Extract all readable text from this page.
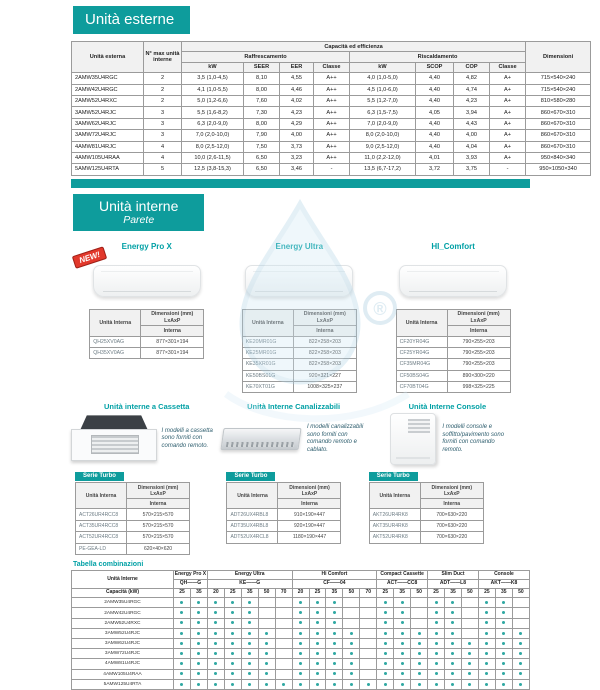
Unità esterne
Unità esterna	N° max unità interne	Capacità ed efficienza								Dimensioni
		Raffrescamento				Riscaldamento				
		kW	SEER	EER	Classe	kW	SCOP	COP	Classe	
2AMW35U4RGC	2	3,5 (1,0-4,5)	8,10	4,55	A++	4,0 (1,0-5,0)	4,40	4,82	A+	715×540×240
2AMW42U4RGC	2	4,1 (1,0-5,5)	8,00	4,46	A++	4,5 (1,0-6,0)	4,40	4,74	A+	715×540×240
2AMW52U4RXC	2	5,0 (1,2-6,6)	7,60	4,02	A++	5,5 (1,2-7,0)	4,40	4,23	A+	810×580×280
3AMW52U4RJC	3	5,5 (1,6-8,2)	7,30	4,23	A++	6,3 (1,5-7,5)	4,05	3,94	A+	860×670×310
3AMW62U4RJC	3	6,3 (2,0-9,0)	8,00	4,29	A++	7,0 (2,0-9,0)	4,40	4,43	A+	860×670×310
3AMW72U4RJC	3	7,0 (2,0-10,0)	7,90	4,00	A++	8,0 (2,0-10,0)	4,40	4,00	A+	860×670×310
4AMW81U4RJC	4	8,0 (2,5-12,0)	7,50	3,73	A++	9,0 (2,5-12,0)	4,40	4,04	A+	860×670×310
4AMW105U4RAA	4	10,0 (2,6-11,5)	6,50	3,23	A++	11,0 (2,2-12,0)	4,01	3,93	A+	950×840×340
5AMW125U4RTA	5	12,5 (3,8-15,3)	6,50	3,46	-	13,5 (6,7-17,2)	3,72	3,75	-	950×1050×340
Unità interne
Parete
Energy Pro X
NEW!
Unità Interna	Dimensioni (mm)
LxAxP
	Interna
QH25XV0AG	877×301×194
QH35XV0AG	877×301×194
Energy Ultra
Unità Interna	Dimensioni (mm)
LxAxP
	Interna
KE20MR01G	822×258×203
KE25MR01G	822×258×203
KE35XR01G	822×258×203
KE50BS01G	920×321×227
KE70XT01G	1008×325×237
HI_Comfort
Unità Interna	Dimensioni (mm)
LxAxP
	Interna
CF20YR04G	790×255×203
CF25YR04G	790×255×203
CF35MR04G	790×255×203
CF50BS04G	890×300×220
CF70BT04G	998×325×225
Unità interne a Cassetta
I modelli a cassetta sono forniti con comando remoto.
Serie Turbo
Unità Interna	Dimensioni (mm)
LxAxP
	Interna
ACT26UR4RCC8	570×215×570
ACT35UR4RCC8	570×215×570
ACT52UR4RCC8	570×215×570
PE-GEA-LD	620×40×620
Unità Interne Canalizzabili
I modelli canalizzabili sono forniti con comando remoto e cablato.
Serie Turbo
Unità Interna	Dimensioni (mm)
LxAxP
	Interna
ADT26UX4RBL8	910×190×447
ADT35UX4RBL8	920×190×447
ADT52UX4RCL8	1180×190×447
Unità Interne Console
I modelli console e soffitto/pavimento sono forniti con comando remoto.
Serie Turbo
Unità Interna	Dimensioni (mm)
LxAxP
	Interna
AKT26UR4RK8	700×630×220
AKT35UR4RK8	700×630×220
AKT52UR4RK8	700×630×220
Tabella combinazioni
Unità Interne	Energy Pro X		Energy Ultra					Hi Comfort					Compact Cassette			Slim Duct			Console		
	QH——G		KE——G					CF——04					ACT——CC8			ADT——L8			AKT——K8		
Capacità (kW)	25	35	20	25	35	50	70	20	25	35	50	70	25	35	50	25	35	50	25	35	50
2AMW35U4RGC																					
2AMW42U4RGC																					
2AMW52U4RXC																					
3AMW52U4RJC																					
3AMW62U4RJC																					
3AMW72U4RJC																					
4AMW81U4RJC																					
4AMW105U4RAA																					
5AMW125U4RTA																					
®
